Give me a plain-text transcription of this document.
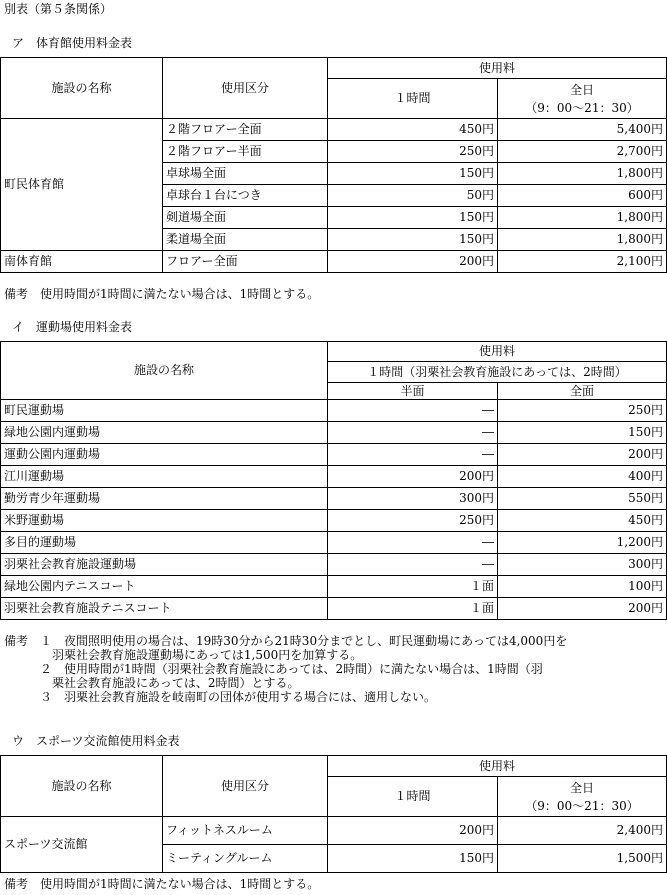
別表（第５条関係）
ア　体育館使用料金表
施設の名称	使用区分	使用料	
		１時間	全日
（9：00～21：30）

町民体育館	２階フロアー全面	450円	5,400円
	２階フロアー半面	250円	2,700円
	卓球場全面	150円	1,800円
	卓球台１台につき	50円	600円
	剣道場全面	150円	1,800円
	柔道場全面	150円	1,800円
南体育館	フロアー全面	200円	2,100円
備考　使用時間が1時間に満たない場合は、1時間とする。
イ　運動場使用料金表
施設の名称	使用料	
	１時間（羽栗社会教育施設にあっては、2時間）	
	半面	全面
町民運動場	―	250円
緑地公園内運動場	―	150円
運動公園内運動場	―	200円
江川運動場	200円	400円
勤労青少年運動場	300円	550円
米野運動場	250円	450円
多目的運動場	―	1,200円
羽栗社会教育施設運動場	―	300円
緑地公園内テニスコート	１面	100円
羽栗社会教育施設テニスコート	１面	200円
備考　１　夜間照明使用の場合は、19時30分から21時30分までとし、町民運動場にあっては4,000円を
　　　　羽栗社会教育施設運動場にあっては1,500円を加算する。
　　　２　使用時間が1時間（羽栗社会教育施設にあっては、2時間）に満たない場合は、1時間（羽
　　　　栗社会教育施設にあっては、2時間）とする。
　　　３　羽栗社会教育施設を岐南町の団体が使用する場合には、適用しない。
ウ　スポーツ交流館使用料金表
施設の名称	使用区分	使用料	
		１時間	全日
（9：00～21：30）

スポーツ交流館	フィットネスルーム	200円	2,400円
	ミーティングルーム	150円	1,500円
備考　使用時間が1時間に満たない場合は、1時間とする。
